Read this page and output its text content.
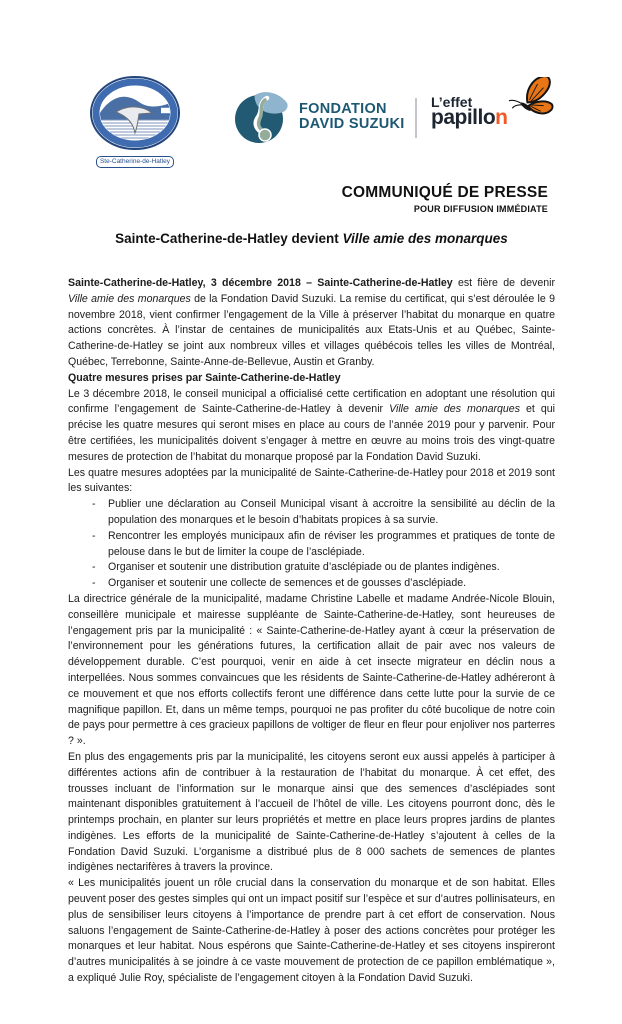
Ste-Catherine-de-Hatley
FONDATION
DAVID SUZUKI
L’effet
papillon
COMMUNIQUÉ DE PRESSE
POUR DIFFUSION IMMÉDIATE
Sainte-Catherine-de-Hatley devient Ville amie des monarques

Sainte-Catherine-de-Hatley, 3 décembre 2018 – Sainte-Catherine-de-Hatley est fière de devenir Ville amie des monarques de la Fondation David Suzuki. La remise du certificat, qui s’est déroulée le 9 novembre 2018, vient confirmer l’engagement de la Ville à préserver l’habitat du monarque en quatre actions concrètes. À l’instar de centaines de municipalités aux Etats-Unis et au Québec, Sainte-Catherine-de-Hatley se joint aux nombreux villes et villages québécois telles les villes de Montréal, Québec, Terrebonne, Sainte-Anne-de-Bellevue, Austin et Granby.

Quatre mesures prises par Sainte-Catherine-de-Hatley

Le 3 décembre 2018, le conseil municipal a officialisé cette certification en adoptant une résolution qui confirme l’engagement de Sainte-Catherine-de-Hatley à devenir Ville amie des monarques et qui précise les quatre mesures qui seront mises en place au cours de l’année 2019 pour y parvenir. Pour être certifiées, les municipalités doivent s’engager à mettre en œuvre au moins trois des vingt-quatre mesures de protection de l’habitat du monarque proposé par la Fondation David Suzuki.

Les quatre mesures adoptées par la municipalité de Sainte-Catherine-de-Hatley pour 2018 et 2019 sont les suivantes:

- Publier une déclaration au Conseil Municipal visant à accroitre la sensibilité au déclin de la population des monarques et le besoin d’habitats propices à sa survie.
- Rencontrer les employés municipaux afin de réviser les programmes et pratiques de tonte de pelouse dans le but de limiter la coupe de l’asclépiade.
- Organiser et soutenir une distribution gratuite d’asclépiade ou de plantes indigènes.
- Organiser et soutenir une collecte de semences et de gousses d’asclépiade.

La directrice générale de la municipalité, madame Christine Labelle et madame Andrée-Nicole Blouin, conseillère municipale et mairesse suppléante de Sainte-Catherine-de-Hatley, sont heureuses de l’engagement pris par la municipalité : « Sainte-Catherine-de-Hatley ayant à cœur la préservation de l’environnement pour les générations futures, la certification allait de pair avec nos valeurs de développement durable. C’est pourquoi, venir en aide à cet insecte migrateur en déclin nous a interpellées. Nous sommes convaincues que les résidents de Sainte-Catherine-de-Hatley adhéreront à ce mouvement et que nos efforts collectifs feront une différence dans cette lutte pour la survie de ce magnifique papillon. Et, dans un même temps, pourquoi ne pas profiter du côté bucolique de notre coin de pays pour permettre à ces gracieux papillons de voltiger de fleur en fleur pour enjoliver nos parterres ? ».

En plus des engagements pris par la municipalité, les citoyens seront eux aussi appelés à participer à différentes actions afin de contribuer à la restauration de l’habitat du monarque. À cet effet, des trousses incluant de l’information sur le monarque ainsi que des semences d’asclépiades sont maintenant disponibles gratuitement à l’accueil de l’hôtel de ville. Les citoyens pourront donc, dès le printemps prochain, en planter sur leurs propriétés et mettre en place leurs propres jardins de plantes indigènes. Les efforts de la municipalité de Sainte-Catherine-de-Hatley s’ajoutent à celles de la Fondation David Suzuki. L’organisme a distribué plus de 8 000 sachets de semences de plantes indigènes nectarifères à travers la province.

« Les municipalités jouent un rôle crucial dans la conservation du monarque et de son habitat. Elles peuvent poser des gestes simples qui ont un impact positif sur l’espèce et sur d’autres pollinisateurs, en plus de sensibiliser leurs citoyens à l’importance de prendre part à cet effort de conservation. Nous saluons l’engagement de Sainte-Catherine-de-Hatley à poser des actions concrètes pour protéger les monarques et leur habitat. Nous espérons que Sainte-Catherine-de-Hatley et ses citoyens inspireront d’autres municipalités à se joindre à ce vaste mouvement de protection de ce papillon emblématique », a expliqué Julie Roy, spécialiste de l’engagement citoyen à la Fondation David Suzuki.
